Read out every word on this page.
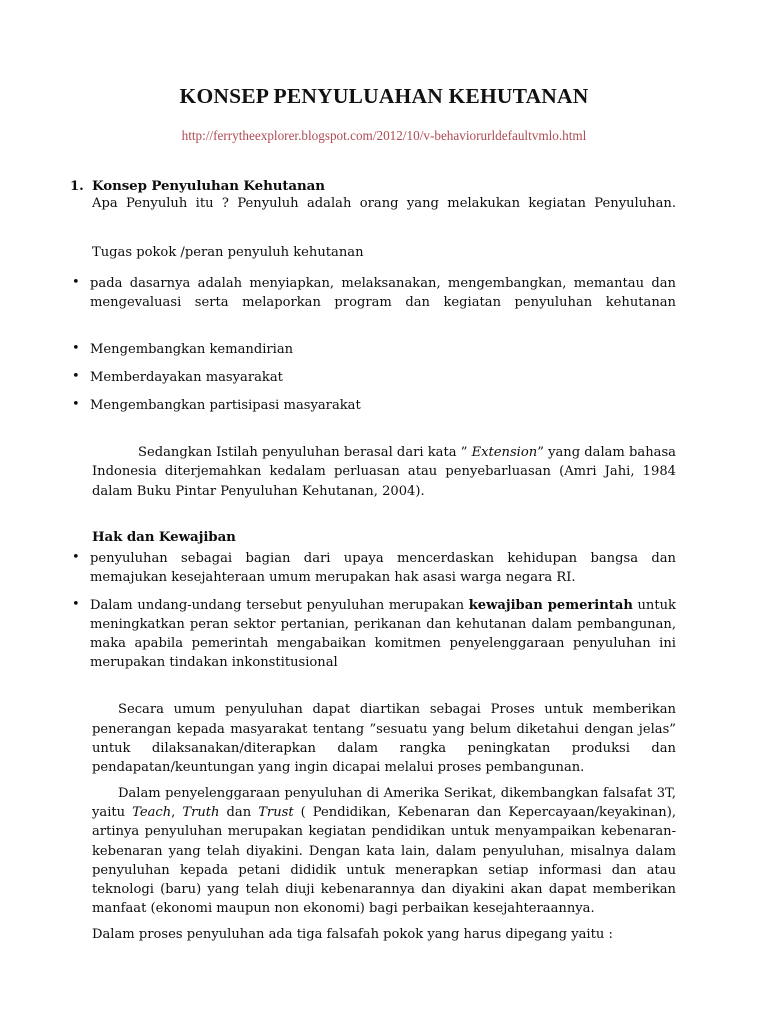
KONSEP PENYULUAHAN KEHUTANAN
http://ferrytheexplorer.blogspot.com/2012/10/v-behaviorurldefaultvmlo.html
1. Konsep Penyuluhan Kehutanan

Apa Penyuluh itu ? Penyuluh adalah orang yang melakukan kegiatan Penyuluhan.

Tugas pokok /peran penyuluh kehutanan

• pada dasarnya adalah menyiapkan, melaksanakan, mengembangkan, memantau dan mengevaluasi serta melaporkan program dan kegiatan penyuluhan kehutanan
• Mengembangkan kemandirian
• Memberdayakan masyarakat
• Mengembangkan partisipasi masyarakat

Sedangkan Istilah penyuluhan berasal dari kata ” Extension” yang dalam bahasa Indonesia diterjemahkan kedalam perluasan atau penyebarluasan (Amri Jahi, 1984 dalam Buku Pintar Penyuluhan Kehutanan, 2004).

Hak dan Kewajiban
• penyuluhan sebagai bagian dari upaya mencerdaskan kehidupan bangsa dan memajukan kesejahteraan umum merupakan hak asasi warga negara RI.
• Dalam undang-undang tersebut penyuluhan merupakan kewajiban pemerintah untuk meningkatkan peran sektor pertanian, perikanan dan kehutanan dalam pembangunan, maka apabila pemerintah mengabaikan komitmen penyelenggaraan penyuluhan ini merupakan tindakan inkonstitusional

Secara umum penyuluhan dapat diartikan sebagai Proses untuk memberikan penerangan kepada masyarakat tentang ”sesuatu yang belum diketahui dengan jelas” untuk dilaksanakan/diterapkan dalam rangka peningkatan produksi dan pendapatan/keuntungan yang ingin dicapai melalui proses pembangunan.

Dalam penyelenggaraan penyuluhan di Amerika Serikat, dikembangkan falsafat 3T, yaitu Teach, Truth dan Trust ( Pendidikan, Kebenaran dan Kepercayaan/keyakinan), artinya penyuluhan merupakan kegiatan pendidikan untuk menyampaikan kebenaran-kebenaran yang telah diyakini. Dengan kata lain, dalam penyuluhan, misalnya dalam penyuluhan kepada petani dididik untuk menerapkan setiap informasi dan atau teknologi (baru) yang telah diuji kebenarannya dan diyakini akan dapat memberikan manfaat (ekonomi maupun non ekonomi) bagi perbaikan kesejahteraannya.

Dalam proses penyuluhan ada tiga falsafah pokok yang harus dipegang yaitu :
